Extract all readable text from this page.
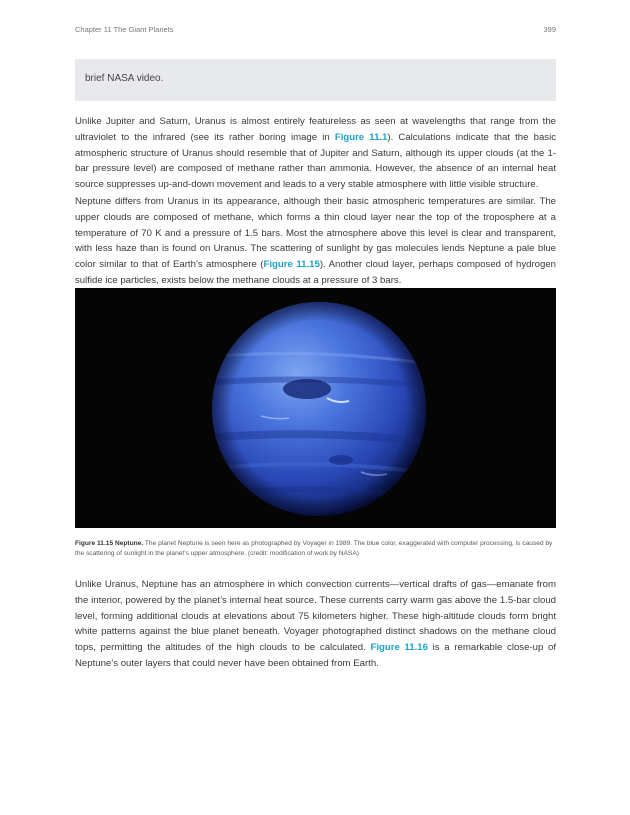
Chapter 11 The Giant Planets	399
brief NASA video.

Unlike Jupiter and Saturn, Uranus is almost entirely featureless as seen at wavelengths that range from the ultraviolet to the infrared (see its rather boring image in Figure 11.1). Calculations indicate that the basic atmospheric structure of Uranus should resemble that of Jupiter and Saturn, although its upper clouds (at the 1-bar pressure level) are composed of methane rather than ammonia. However, the absence of an internal heat source suppresses up-and-down movement and leads to a very stable atmosphere with little visible structure.

Neptune differs from Uranus in its appearance, although their basic atmospheric temperatures are similar. The upper clouds are composed of methane, which forms a thin cloud layer near the top of the troposphere at a temperature of 70 K and a pressure of 1.5 bars. Most the atmosphere above this level is clear and transparent, with less haze than is found on Uranus. The scattering of sunlight by gas molecules lends Neptune a pale blue color similar to that of Earth’s atmosphere (Figure 11.15). Another cloud layer, perhaps composed of hydrogen sulfide ice particles, exists below the methane clouds at a pressure of 3 bars.

Figure 11.15 Neptune. The planet Neptune is seen here as photographed by Voyager in 1989. The blue color, exaggerated with computer processing, is caused by the scattering of sunlight in the planet’s upper atmosphere. (credit: modification of work by NASA)

Unlike Uranus, Neptune has an atmosphere in which convection currents—vertical drafts of gas—emanate from the interior, powered by the planet’s internal heat source. These currents carry warm gas above the 1.5-bar cloud level, forming additional clouds at elevations about 75 kilometers higher. These high-altitude clouds form bright white patterns against the blue planet beneath. Voyager photographed distinct shadows on the methane cloud tops, permitting the altitudes of the high clouds to be calculated. Figure 11.16 is a remarkable close-up of Neptune’s outer layers that could never have been obtained from Earth.
